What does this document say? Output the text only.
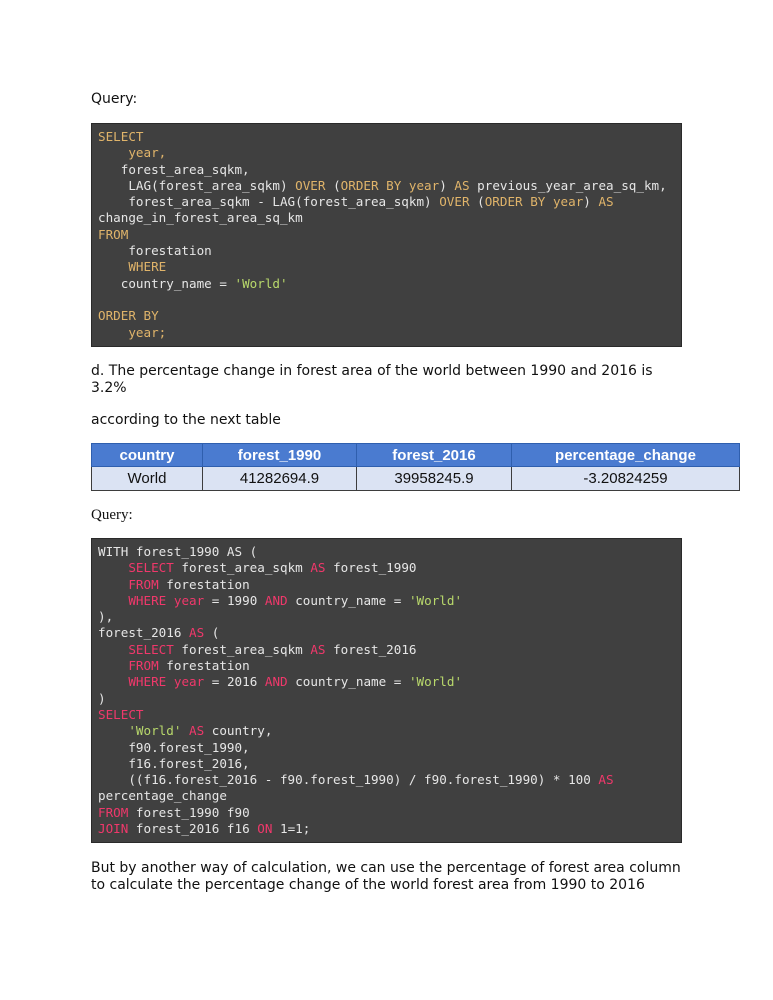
Query:
SELECT
year,
forest_area_sqkm,
LAG(forest_area_sqkm) OVER (ORDER BY year) AS previous_year_area_sq_km,
forest_area_sqkm - LAG(forest_area_sqkm) OVER (ORDER BY year) AS
change_in_forest_area_sq_km
FROM
forestation
WHERE
country_name = 'World'
ORDER BY
year;
d. The percentage change in forest area of the world between 1990 and 2016 is 3.2%
according to the next table
country	forest_1990	forest_2016	percentage_change
World	41282694.9	39958245.9	-3.20824259
Query:
WITH forest_1990 AS (
SELECT forest_area_sqkm AS forest_1990
FROM forestation
WHERE year = 1990 AND country_name = 'World'
),
forest_2016 AS (
SELECT forest_area_sqkm AS forest_2016
FROM forestation
WHERE year = 2016 AND country_name = 'World'
)
SELECT
'World' AS country,
f90.forest_1990,
f16.forest_2016,
((f16.forest_2016 - f90.forest_1990) / f90.forest_1990) * 100 AS
percentage_change
FROM forest_1990 f90
JOIN forest_2016 f16 ON 1=1;
But by another way of calculation, we can use the percentage of forest area column to calculate the percentage change of the world forest area from 1990 to 2016
